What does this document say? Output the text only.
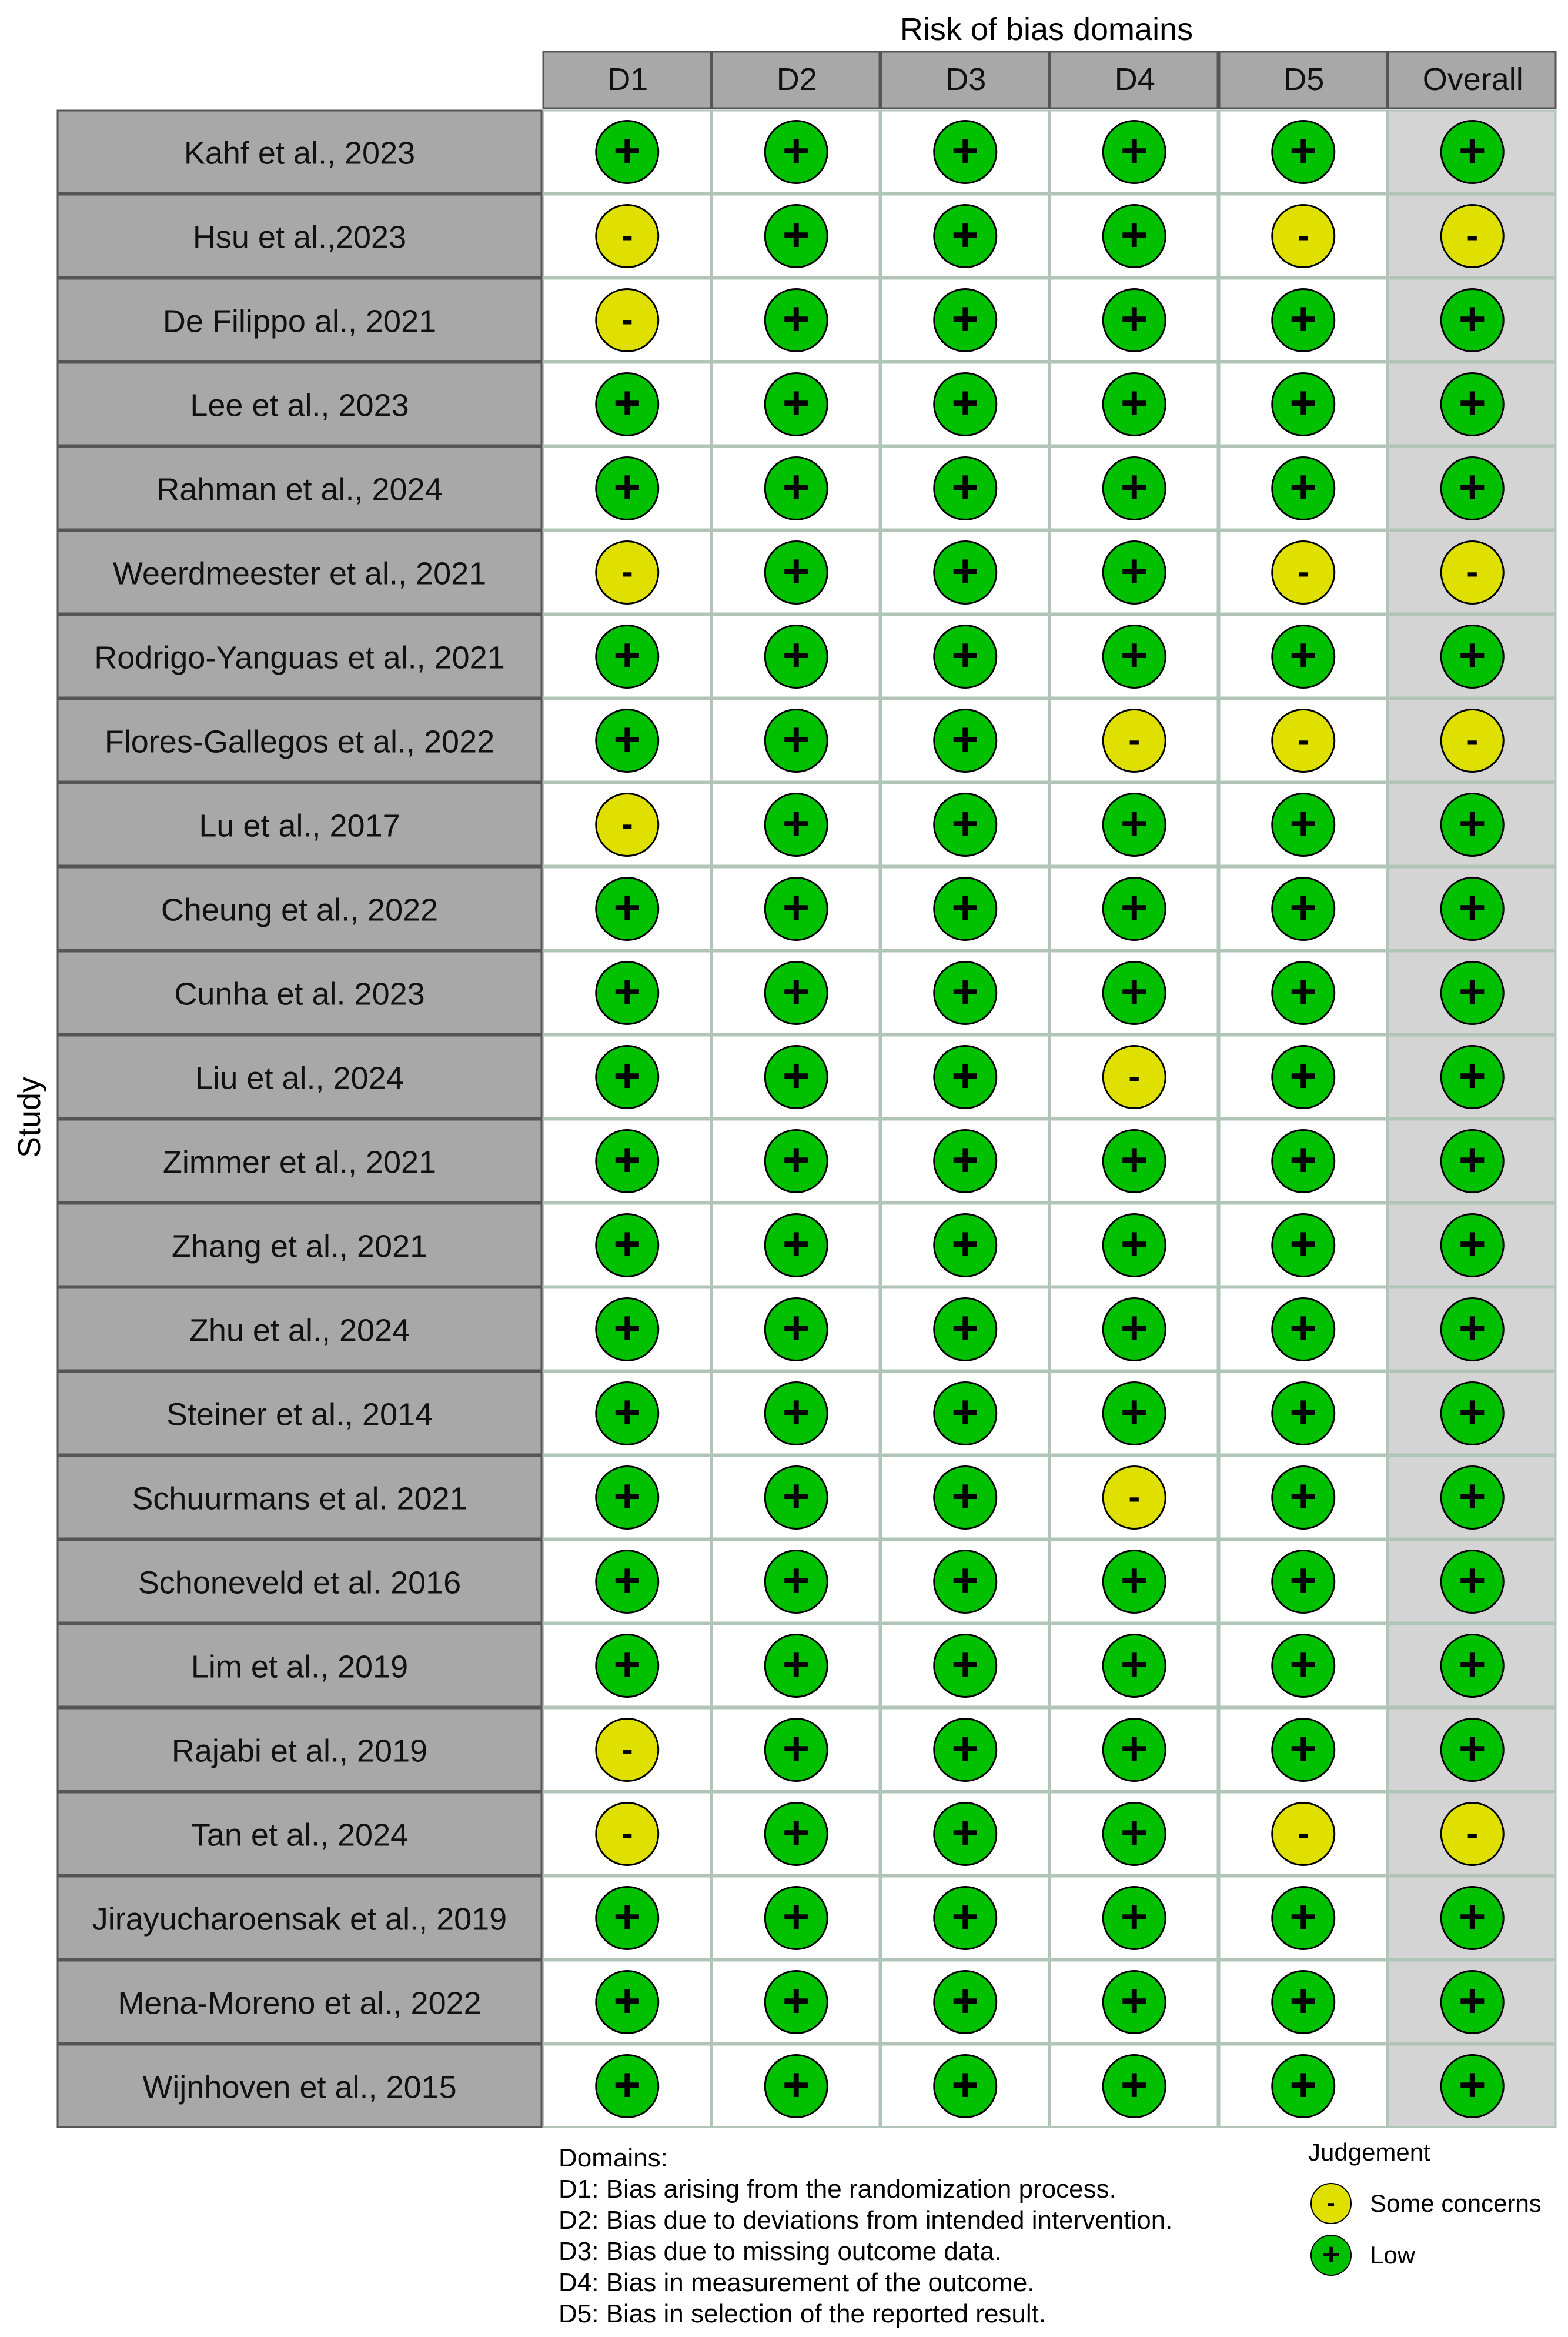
D1	D2	D3	D4	D5	Overall
Kahf et al., 2023	+	+	+	+	+	+
Hsu et al.,2023	-	+	+	+	-	-
De Filippo al., 2021	-	+	+	+	+	+
Lee et al., 2023	+	+	+	+	+	+
Rahman et al., 2024	+	+	+	+	+	+
Weerdmeester et al., 2021	-	+	+	+	-	-
Rodrigo-Yanguas et al., 2021 +	+	+	+	+	+
Flores-Gallegos et al., 2022	+	+	+	-	-	-
Lu et al., 2017	-	+	+	+	+	+
Cheung et al., 2022	+	+	+	+	+	+
Cunha et al. 2023	+	+	+	+	+	+
Liu et al., 2024	+	+	+	-	+	+
Zimmer et al., 2021	+	+	+	+	+	+
Zhang et al., 2021	+	+	+	+	+	+
Zhu et al., 2024	+	+	+	+	+	+
Steiner et al., 2014	+	+	+	+	+	+
Schuurmans et al. 2021	+	+	+	-	+	+
Schoneveld et al. 2016	+	+	+	+	+	+
Lim et al., 2019	+	+	+	+	+	+
Rajabi et al., 2019	-	+	+	+	+	+
Tan et al., 2024	-	+	+	+	-	-
Jirayucharoensak et al., 2019 +	+	+	+	+	+
Mena-Moreno et al., 2022	+	+	+	+	+	+
Wijnhoven et al., 2015	+	+	+	+	+	+
Risk of bias domains
Study
Domains:
D1: Bias arising from the randomization process.
D2: Bias due to deviations from intended intervention.
D3: Bias due to missing outcome data.
D4: Bias in measurement of the outcome.
D5: Bias in selection of the reported result.
Judgement
- Some concerns
+ Low
